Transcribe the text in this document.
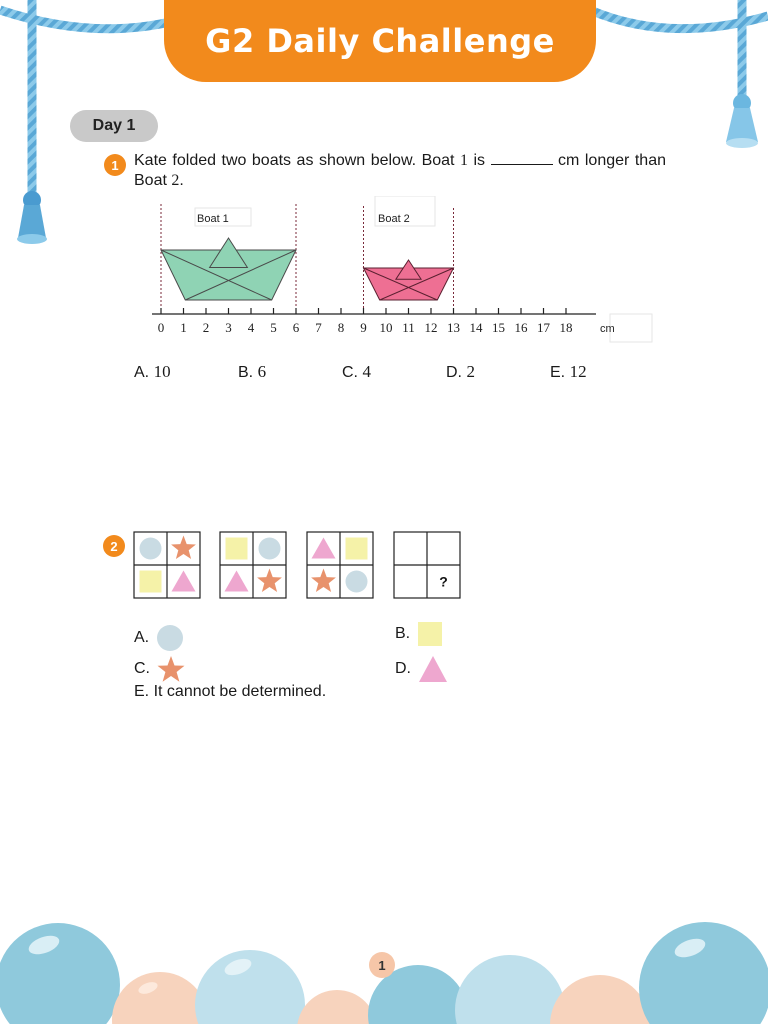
G2 Daily Challenge
Day 1
1 Kate folded two boats as shown below. Boat 1 is	cm longer than Boat 2.
Boat 1	Boat 2
0 1 2 3 4 5 6 7 8 9 10 11 12 13 14 15 16 17 18	cm
A. 10	B. 6	C. 4	D. 2	E. 12
2
?
A.	B.
C.	D.
E.
It cannot be determined.
1
